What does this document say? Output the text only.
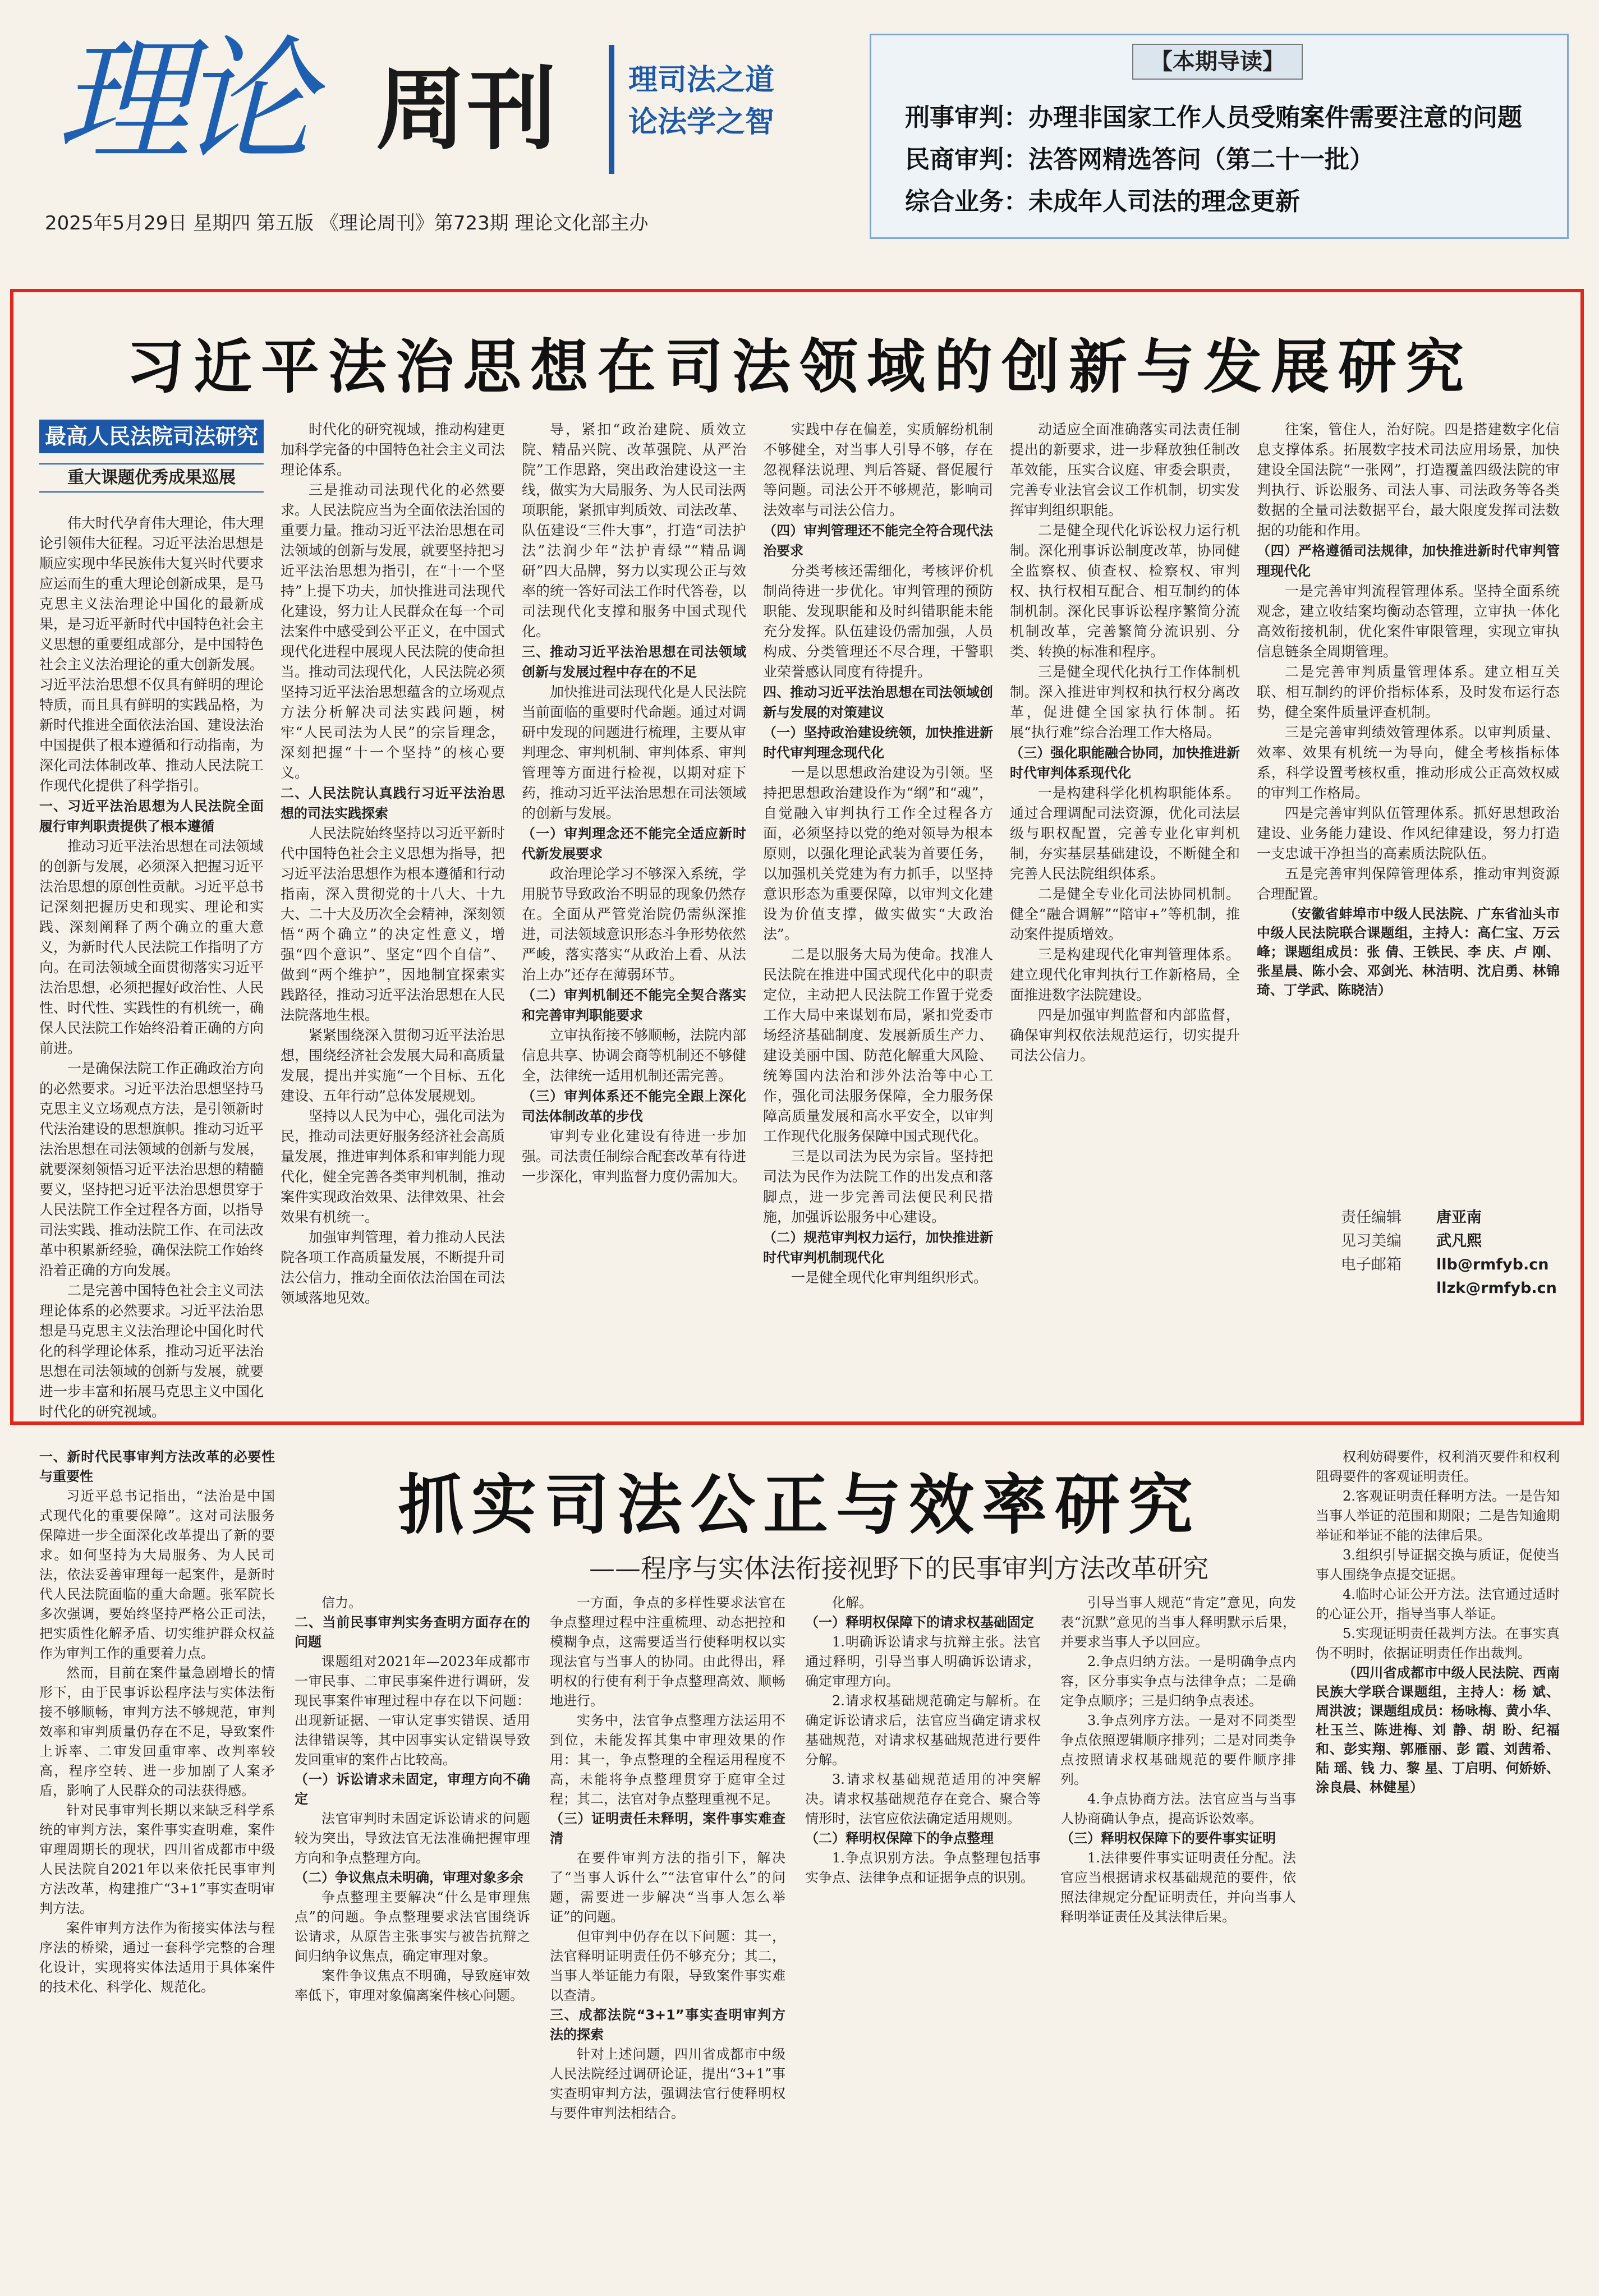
理论 周刊 理司法之道
论法学之智
2025年5月29日 星期四 第五版 《理论周刊》第723期 理论文化部主办
【本期导读】
刑事审判：办理非国家工作人员受贿案件需要注意的问题
民商审判：法答网精选答问（第二十一批）
综合业务：未成年人司法的理念更新
习近平法治思想在司法领域的创新与发展研究
最高人民法院司法研究
重大课题优秀成果巡展

伟大时代孕育伟大理论，伟大理论引领伟大征程。习近平法治思想是顺应实现中华民族伟大复兴时代要求应运而生的重大理论创新成果，是马克思主义法治理论中国化的最新成果，是习近平新时代中国特色社会主义思想的重要组成部分，是中国特色社会主义法治理论的重大创新发展。习近平法治思想不仅具有鲜明的理论特质，而且具有鲜明的实践品格，为新时代推进全面依法治国、建设法治中国提供了根本遵循和行动指南，为深化司法体制改革、推动人民法院工作现代化提供了科学指引。

一、习近平法治思想为人民法院全面履行审判职责提供了根本遵循

推动习近平法治思想在司法领域的创新与发展，必须深入把握习近平法治思想的原创性贡献。习近平总书记深刻把握历史和现实、理论和实践、深刻阐释了两个确立的重大意义，为新时代人民法院工作指明了方向。在司法领域全面贯彻落实习近平法治思想，必须把握好政治性、人民性、时代性、实践性的有机统一，确保人民法院工作始终沿着正确的方向前进。

一是确保法院工作正确政治方向的必然要求。习近平法治思想坚持马克思主义立场观点方法，是引领新时代法治建设的思想旗帜。推动习近平法治思想在司法领域的创新与发展，就要深刻领悟习近平法治思想的精髓要义，坚持把习近平法治思想贯穿于人民法院工作全过程各方面，以指导司法实践、推动法院工作、在司法改革中积累新经验，确保法院工作始终沿着正确的方向发展。

二是完善中国特色社会主义司法理论体系的必然要求。习近平法治思想是马克思主义法治理论中国化时代化的科学理论体系，推动习近平法治思想在司法领域的创新与发展，就要进一步丰富和拓展马克思主义中国化时代化的研究视域。

时代化的研究视域，推动构建更加科学完备的中国特色社会主义司法理论体系。

三是推动司法现代化的必然要求。人民法院应当为全面依法治国的重要力量。推动习近平法治思想在司法领域的创新与发展，就要坚持把习近平法治思想为指引，在“十一个坚持”上提下功夫，加快推进司法现代化建设，努力让人民群众在每一个司法案件中感受到公平正义，在中国式现代化进程中展现人民法院的使命担当。推动司法现代化，人民法院必须坚持习近平法治思想蕴含的立场观点方法分析解决司法实践问题，树牢“人民司法为人民”的宗旨理念，深刻把握“十一个坚持”的核心要义。

二、人民法院认真践行习近平法治思想的司法实践探索

人民法院始终坚持以习近平新时代中国特色社会主义思想为指导，把习近平法治思想作为根本遵循和行动指南，深入贯彻党的十八大、十九大、二十大及历次全会精神，深刻领悟“两个确立”的决定性意义，增强“四个意识”、坚定“四个自信”、做到“两个维护”，因地制宜探索实践路径，推动习近平法治思想在人民法院落地生根。

紧紧围绕深入贯彻习近平法治思想，围绕经济社会发展大局和高质量发展，提出并实施“一个目标、五化建设、五年行动”总体发展规划。

坚持以人民为中心，强化司法为民，推动司法更好服务经济社会高质量发展，推进审判体系和审判能力现代化，健全完善各类审判机制，推动案件实现政治效果、法律效果、社会效果有机统一。

加强审判管理，着力推动人民法院各项工作高质量发展，不断提升司法公信力，推动全面依法治国在司法领域落地见效。

导，紧扣“政治建院、质效立院、精品兴院、改革强院、从严治院”工作思路，突出政治建设这一主线，做实为大局服务、为人民司法两项职能，紧抓审判质效、司法改革、队伍建设“三件大事”，打造“司法护法”法润少年“法护青绿”“精品调研”四大品牌，努力以实现公正与效率的统一答好司法工作时代答卷，以司法现代化支撑和服务中国式现代化。

三、推动习近平法治思想在司法领域创新与发展过程中存在的不足

加快推进司法现代化是人民法院当前面临的重要时代命题。通过对调研中发现的问题进行梳理，主要从审判理念、审判机制、审判体系、审判管理等方面进行检视，以期对症下药，推动习近平法治思想在司法领域的创新与发展。

（一）审判理念还不能完全适应新时代新发展要求

政治理论学习不够深入系统，学用脱节导致政治不明显的现象仍然存在。全面从严管党治院仍需纵深推进，司法领域意识形态斗争形势依然严峻，落实落实“从政治上看、从法治上办”还存在薄弱环节。

（二）审判机制还不能完全契合落实和完善审判职能要求

立审执衔接不够顺畅，法院内部信息共享、协调会商等机制还不够健全，法律统一适用机制还需完善。

（三）审判体系还不能完全跟上深化司法体制改革的步伐

审判专业化建设有待进一步加强。司法责任制综合配套改革有待进一步深化，审判监督力度仍需加大。

实践中存在偏差，实质解纷机制不够健全，对当事人引导不够，存在忽视释法说理、判后答疑、督促履行等问题。司法公开不够规范，影响司法效率与司法公信力。

（四）审判管理还不能完全符合现代法治要求

分类考核还需细化，考核评价机制尚待进一步优化。审判管理的预防职能、发现职能和及时纠错职能未能充分发挥。队伍建设仍需加强，人员构成、分类管理还不尽合理，干警职业荣誉感认同度有待提升。

四、推动习近平法治思想在司法领域创新与发展的对策建议

（一）坚持政治建设统领，加快推进新时代审判理念现代化

一是以思想政治建设为引领。坚持把思想政治建设作为“纲”和“魂”，自觉融入审判执行工作全过程各方面，必须坚持以党的绝对领导为根本原则，以强化理论武装为首要任务，以加强机关党建为有力抓手，以坚持意识形态为重要保障，以审判文化建设为价值支撑，做实做实“大政治法”。

二是以服务大局为使命。找准人民法院在推进中国式现代化中的职责定位，主动把人民法院工作置于党委工作大局中来谋划布局，紧扣党委市场经济基础制度、发展新质生产力、建设美丽中国、防范化解重大风险、统筹国内法治和涉外法治等中心工作，强化司法服务保障，全力服务保障高质量发展和高水平安全，以审判工作现代化服务保障中国式现代化。

三是以司法为民为宗旨。坚持把司法为民作为法院工作的出发点和落脚点，进一步完善司法便民利民措施，加强诉讼服务中心建设。

（二）规范审判权力运行，加快推进新时代审判机制现代化

一是健全现代化审判组织形式。

动适应全面准确落实司法责任制提出的新要求，进一步释放独任制改革效能，压实合议庭、审委会职责，完善专业法官会议工作机制，切实发挥审判组织职能。

二是健全现代化诉讼权力运行机制。深化刑事诉讼制度改革，协同健全监察权、侦查权、检察权、审判权、执行权相互配合、相互制约的体制机制。深化民事诉讼程序繁简分流机制改革，完善繁简分流识别、分类、转换的标准和程序。

三是健全现代化执行工作体制机制。深入推进审判权和执行权分离改革，促进健全国家执行体制。拓展“执行难”综合治理工作大格局。

（三）强化职能融合协同，加快推进新时代审判体系现代化

一是构建科学化机构职能体系。通过合理调配司法资源，优化司法层级与职权配置，完善专业化审判机制，夯实基层基础建设，不断健全和完善人民法院组织体系。

二是健全专业化司法协同机制。健全“融合调解”“陪审+”等机制，推动案件提质增效。

三是构建现代化审判管理体系。建立现代化审判执行工作新格局，全面推进数字法院建设。

四是加强审判监督和内部监督，确保审判权依法规范运行，切实提升司法公信力。

往案，管住人，治好院。四是搭建数字化信息支撑体系。拓展数字技术司法应用场景，加快建设全国法院“一张网”，打造覆盖四级法院的审判执行、诉讼服务、司法人事、司法政务等各类数据的全量司法数据平台，最大限度发挥司法数据的功能和作用。

（四）严格遵循司法规律，加快推进新时代审判管理现代化

一是完善审判流程管理体系。坚持全面系统观念，建立收结案均衡动态管理，立审执一体化高效衔接机制，优化案件审限管理，实现立审执信息链条全周期管理。

二是完善审判质量管理体系。建立相互关联、相互制约的评价指标体系，及时发布运行态势，健全案件质量评查机制。

三是完善审判绩效管理体系。以审判质量、效率、效果有机统一为导向，健全考核指标体系，科学设置考核权重，推动形成公正高效权威的审判工作格局。

四是完善审判队伍管理体系。抓好思想政治建设、业务能力建设、作风纪律建设，努力打造一支忠诚干净担当的高素质法院队伍。

五是完善审判保障管理体系，推动审判资源合理配置。

（安徽省蚌埠市中级人民法院、广东省汕头市中级人民法院联合课题组，主持人：高仁宝、万云峰；课题组成员：张 倩、王铁民、李 庆、卢 刚、张星晨、陈小会、邓剑光、林洁明、沈启勇、林锦琦、丁学武、陈晓洁）

责任编辑 唐亚南
见习美编 武凡熙
电子邮箱 llb@rmfyb.cn
llzk@rmfyb.cn
抓实司法公正与效率研究
——程序与实体法衔接视野下的民事审判方法改革研究

一、新时代民事审判方法改革的必要性与重要性

习近平总书记指出，“法治是中国式现代化的重要保障”。这对司法服务保障进一步全面深化改革提出了新的要求。如何坚持为大局服务、为人民司法，依法妥善审理每一起案件，是新时代人民法院面临的重大命题。张军院长多次强调，要始终坚持严格公正司法，把实质性化解矛盾、切实维护群众权益作为审判工作的重要着力点。

然而，目前在案件量急剧增长的情形下，由于民事诉讼程序法与实体法衔接不够顺畅，审判方法不够规范，审判效率和审判质量仍存在不足，导致案件上诉率、二审发回重审率、改判率较高，程序空转、进一步加剧了人案矛盾，影响了人民群众的司法获得感。

针对民事审判长期以来缺乏科学系统的审判方法，案件事实查明难，案件审理周期长的现状，四川省成都市中级人民法院自2021年以来依托民事审判方法改革，构建推广“3+1”事实查明审判方法。

案件审判方法作为衔接实体法与程序法的桥梁，通过一套科学完整的合理化设计，实现将实体法适用于具体案件的技术化、科学化、规范化。

信力。

二、当前民事审判实务查明方面存在的问题

课题组对2021年—2023年成都市一审民事、二审民事案件进行调研，发现民事案件审理过程中存在以下问题：出现新证据、一审认定事实错误、适用法律错误等，其中因事实认定错误导致发回重审的案件占比较高。

（一）诉讼请求未固定，审理方向不确定

法官审判时未固定诉讼请求的问题较为突出，导致法官无法准确把握审理方向和争点整理方向。

（二）争议焦点未明确，审理对象多余

争点整理主要解决“什么是审理焦点”的问题。争点整理要求法官围绕诉讼请求，从原告主张事实与被告抗辩之间归纳争议焦点，确定审理对象。

案件争议焦点不明确，导致庭审效率低下，审理对象偏离案件核心问题。

一方面，争点的多样性要求法官在争点整理过程中注重梳理、动态把控和模糊争点，这需要适当行使释明权以实现法官与当事人的协同。由此得出，释明权的行使有利于争点整理高效、顺畅地进行。

实务中，法官争点整理方法运用不到位，未能发挥其集中审理效果的作用：其一，争点整理的全程运用程度不高，未能将争点整理贯穿于庭审全过程；其二，法官对争点整理重视不足。

（三）证明责任未释明，案件事实难查清

在要件审判方法的指引下，解决了“当事人诉什么”“法官审什么”的问题，需要进一步解决“当事人怎么举证”的问题。

但审判中仍存在以下问题：其一，法官释明证明责任仍不够充分；其二，当事人举证能力有限，导致案件事实难以查清。

三、成都法院“3+1”事实查明审判方法的探索

针对上述问题，四川省成都市中级人民法院经过调研论证，提出“3+1”事实查明审判方法，强调法官行使释明权与要件审判法相结合。

化解。

（一）释明权保障下的请求权基础固定

1.明确诉讼请求与抗辩主张。法官通过释明，引导当事人明确诉讼请求，确定审理方向。

2.请求权基础规范确定与解析。在确定诉讼请求后，法官应当确定请求权基础规范，对请求权基础规范进行要件分解。

3.请求权基础规范适用的冲突解决。请求权基础规范存在竞合、聚合等情形时，法官应依法确定适用规则。

（二）释明权保障下的争点整理

1.争点识别方法。争点整理包括事实争点、法律争点和证据争点的识别。

引导当事人规范“肯定”意见，向发表“沉默”意见的当事人释明默示后果，并要求当事人予以回应。

2.争点归纳方法。一是明确争点内容，区分事实争点与法律争点；二是确定争点顺序；三是归纳争点表述。

3.争点列序方法。一是对不同类型争点依照逻辑顺序排列；二是对同类争点按照请求权基础规范的要件顺序排列。

4.争点协商方法。法官应当与当事人协商确认争点，提高诉讼效率。

（三）释明权保障下的要件事实证明

1.法律要件事实证明责任分配。法官应当根据请求权基础规范的要件，依照法律规定分配证明责任，并向当事人释明举证责任及其法律后果。

权利妨碍要件，权利消灭要件和权利阻碍要件的客观证明责任。

2.客观证明责任释明方法。一是告知当事人举证的范围和期限；二是告知逾期举证和举证不能的法律后果。

3.组织引导证据交换与质证，促使当事人围绕争点提交证据。

4.临时心证公开方法。法官通过适时的心证公开，指导当事人举证。

5.实现证明责任裁判方法。在事实真伪不明时，依据证明责任作出裁判。

（四川省成都市中级人民法院、西南民族大学联合课题组，主持人：杨 斌、周洪波；课题组成员：杨咏梅、黄小华、杜玉兰、陈进梅、刘 静、胡 盼、纪福和、彭实翔、郭雁丽、彭 霞、刘茜希、陆 瑶、钱 力、黎 星、丁启明、何娇娇、涂良晨、林健星）
